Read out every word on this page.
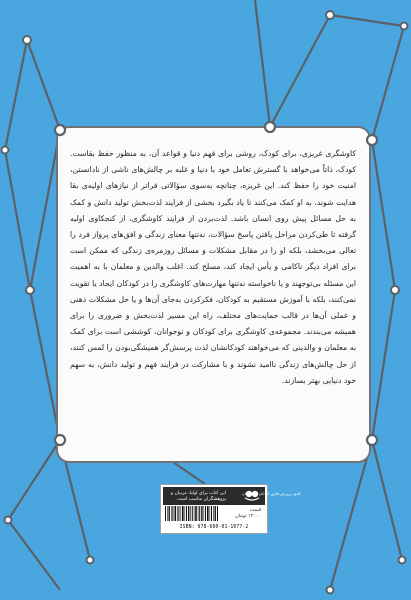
کاوشگری غریزی، برای کودک، روشی برای فهم دنیا و قواعد آن، به منظور حفظ بقاست. کودک، ذاتاً می‌خواهد با گسترش تعامل خود با دنیا و غلبه بر چالش‌های ناشی از نادانستن، امنیت خود را حفظ کند. این غریزه، چنانچه به‌سوی سؤالاتی فراتر از نیازهای اولیه‌ی بقا هدایت شوند، به او کمک می‌کنند تا یاد بگیرد بخشی از فرایند لذت‌بخش تولید دانش و کمک به حل مسائل پیش روی انسان باشد. لذت‌بردن از فرایند کاوشگری، از کنجکاوی اولیه گرفته تا طی‌کردن مراحل یافتن پاسخ سؤالات، نه‌تنها معنای زندگی و افق‌های پرواز فرد را تعالی می‌بخشد، بلکه او را در مقابل مشکلات و مسائل روزمره‌ی زندگی که ممکن است برای افراد دیگر ناکامی و یأس ایجاد کند، مسلح کند. اغلب والدین و معلمان با به اهمیت این مسئله بی‌توجهند و یا ناخواسته نه‌تنها مهارت‌های کاوشگری را در کودکان ایجاد یا تقویت نمی‌کنند، بلکه با آموزش مستقیم به کودکان، فکرکردن به‌جای آن‌ها و یا حل مشکلات ذهنی و عملی آن‌ها در قالب حمایت‌های مختلف، راه این مسیر لذت‌بخش و ضروری را برای همیشه می‌بندند. مجموعه‌ی کاوشگری برای کودکان و نوجوانان، کوششی است برای کمک به معلمان و والدینی که می‌خواهند کودکانشان لذت پرسش‌گر همیشگی‌بودن را لمس کنند، از حل چالش‌های زندگی ناامید نشوند و با مشارکت در فرایند فهم و تولید دانش، به سهم خود دنیایی بهتر بسازند.

کانون پرورش فکری کودکان و نوجوانان
این کتاب برای اولیا، مربیان و پژوهشگران مناسب است.
قیمت
۱۲۰۰۰ تومان
ISBN: 978-600-01-1077-2
